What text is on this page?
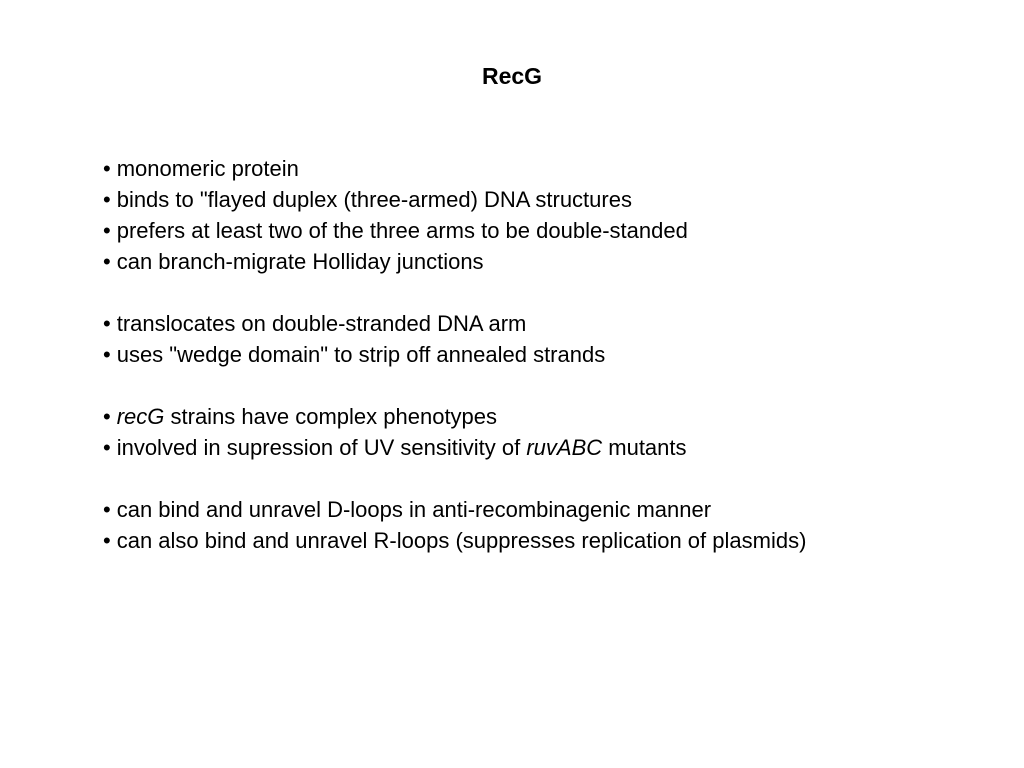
RecG
• monomeric protein
• binds to "flayed duplex (three-armed) DNA structures
• prefers at least two of the three arms to be double-standed
• can branch-migrate Holliday junctions
• translocates on double-stranded DNA arm
• uses "wedge domain" to strip off annealed strands
• recG strains have complex phenotypes
• involved in supression of UV sensitivity of ruvABC mutants
• can bind and unravel D-loops in anti-recombinagenic manner
• can also bind and unravel R-loops (suppresses replication of plasmids)
